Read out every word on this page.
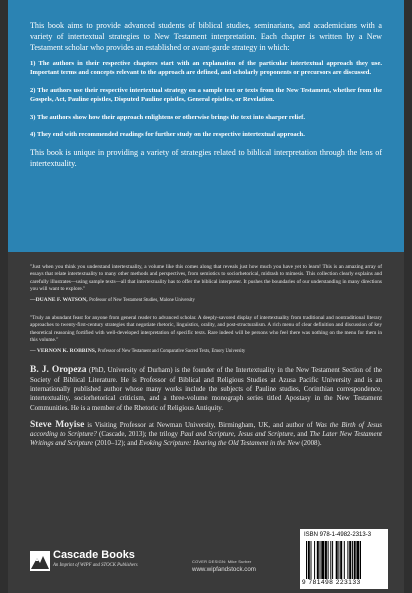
This book aims to provide advanced students of biblical studies, seminarians, and academicians with a variety of intertextual strategies to New Testament interpretation. Each chapter is written by a New Testament scholar who provides an established or avant-garde strategy in which:

1) The authors in their respective chapters start with an explanation of the particular intertextual approach they use. Important terms and concepts relevant to the approach are defined, and scholarly proponents or precursors are discussed.

2) The authors use their respective intertextual strategy on a sample text or texts from the New Testament, whether from the Gospels, Act, Pauline epistles, Disputed Pauline epistles, General epistles, or Revelation.

3) The authors show how their approach enlightens or otherwise brings the text into sharper relief.

4) They end with recommended readings for further study on the respective intertextual approach.

This book is unique in providing a variety of strategies related to biblical interpretation through the lens of intertextuality.

"Just when you think you understand intertextuality, a volume like this comes along that reveals just how much you have yet to learn! This is an amazing array of essays that relate intertextuality to many other methods and perspectives, from semiotics to sociorhetorical, midrash to mimesis. This collection clearly explains and carefully illustrates—using sample texts—all that intertextuality has to offer the biblical interpreter. It pushes the boundaries of our understanding in many directions you will want to explore."

—DUANE F. WATSON, Professor of New Testament Studies, Malone University

"Truly an abundant feast for anyone from general reader to advanced scholar. A deeply-savored display of intertextuality from traditional and nontraditional literary approaches to twenty-first-century strategies that negotiate rhetoric, linguistics, orality, and post-structuralism. A rich menu of clear definition and discussion of key theoretical reasoning fortified with well-developed interpretation of specific texts. Rare indeed will be persons who feel there was nothing on the menu for them in this volume."

— VERNON K. ROBBINS, Professor of New Testament and Comparative Sacred Texts, Emory University

B. J. Oropeza (PhD, University of Durham) is the founder of the Intertextuality in the New Testament Section of the Society of Biblical Literature. He is Professor of Biblical and Religious Studies at Azusa Pacific University and is an internationally published author whose many works include the subjects of Pauline studies, Corinthian correspondence, intertextuality, sociorhetorical criticism, and a three-volume monograph series titled Apostasy in the New Testament Communities. He is a member of the Rhetoric of Religious Antiquity.

Steve Moyise is Visiting Professor at Newman University, Birmingham, UK, and author of Was the Birth of Jesus according to Scripture? (Cascade, 2013); the trilogy Paul and Scripture, Jesus and Scripture, and The Later New Testament Writings and Scripture (2010–12); and Evoking Scripture: Hearing the Old Testament in the New (2008).

Cascade Books
An Imprint of WIPF and STOCK Publishers
COVER DESIGN: Mike Surber
www.wipfandstock.com
ISBN 978-1-4982-2313-3
9 781498 223133
